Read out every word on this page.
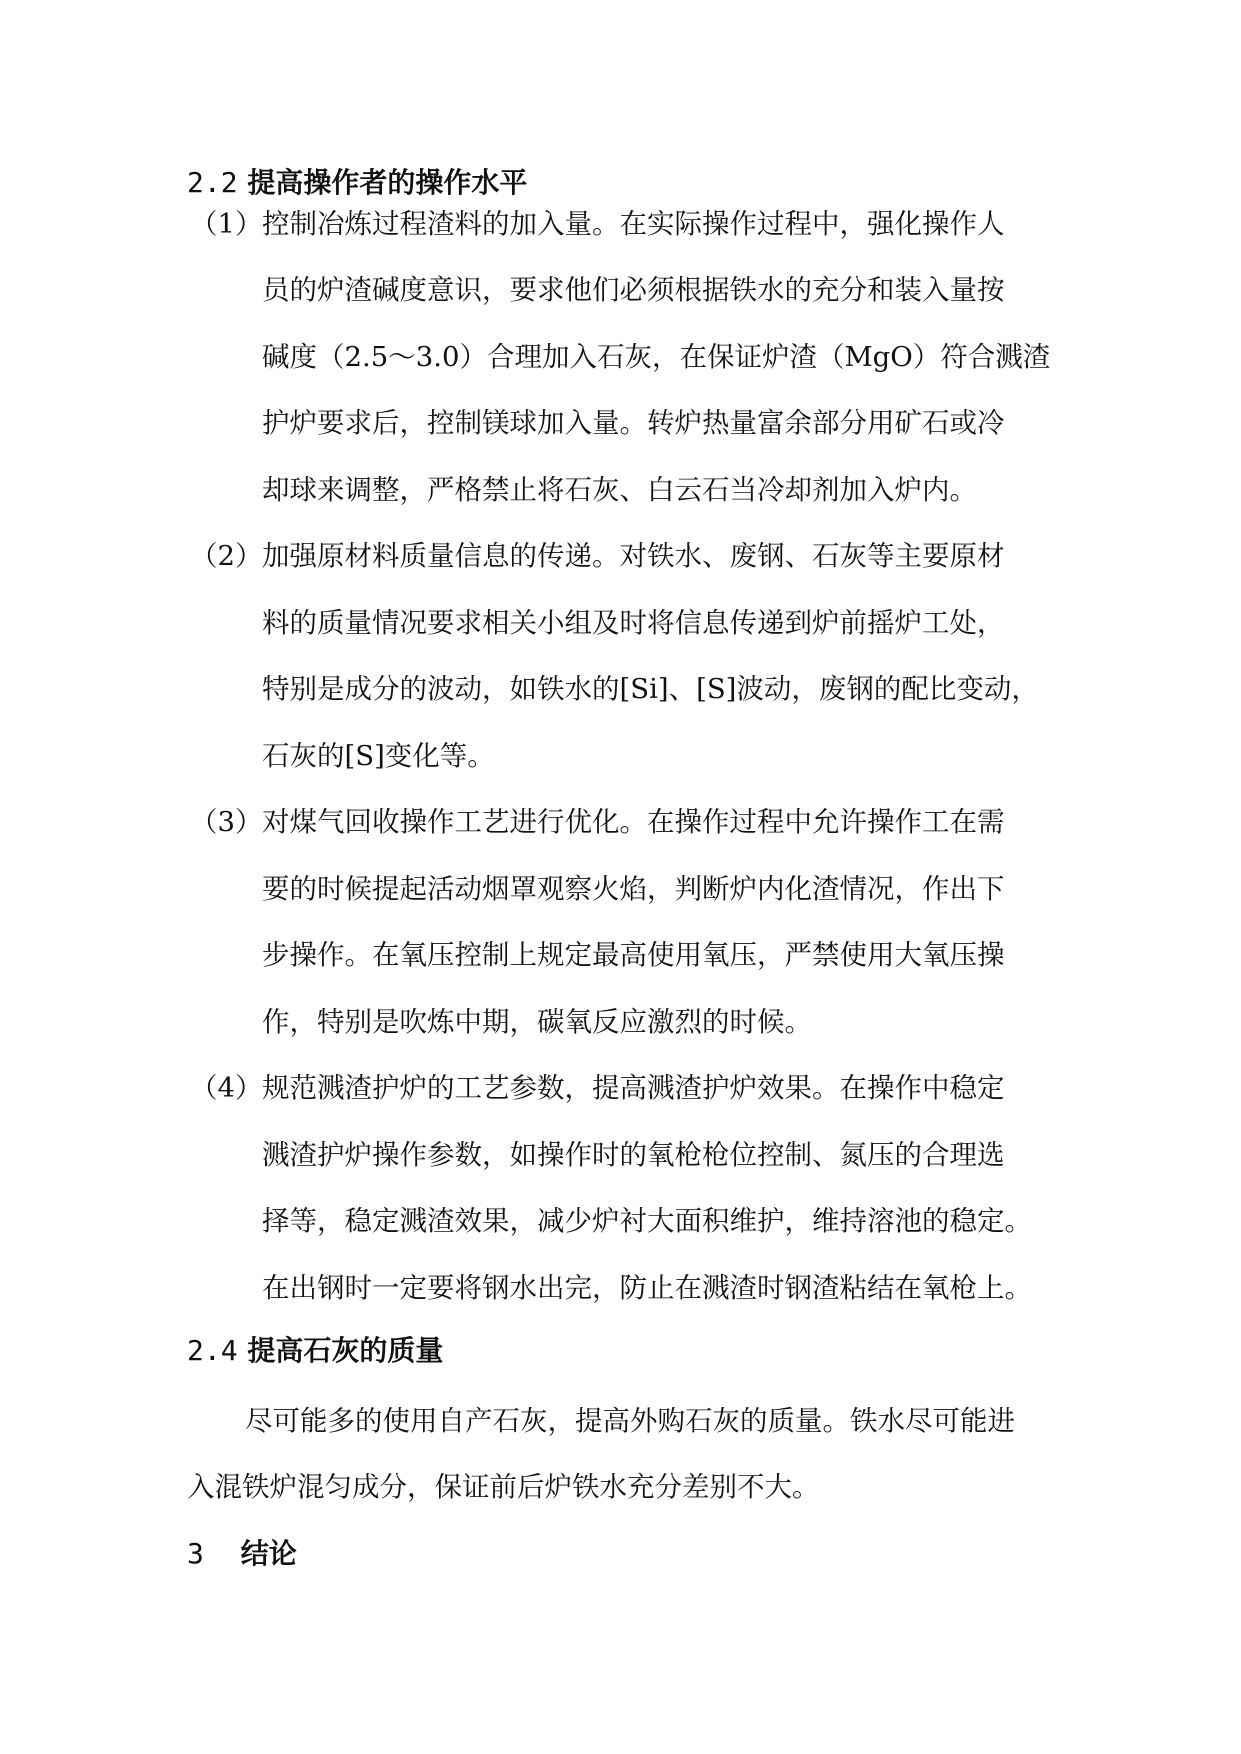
2.2 提高操作者的操作水平
（1） 控制冶炼过程渣料的加入量。在实际操作过程中，强化操作人
员的炉渣碱度意识，要求他们必须根据铁水的充分和装入量按
碱度（2.5～3.0）合理加入石灰，在保证炉渣（MgO）符合溅渣
护炉要求后，控制镁球加入量。转炉热量富余部分用矿石或冷
却球来调整，严格禁止将石灰、白云石当冷却剂加入炉内。
（2） 加强原材料质量信息的传递。对铁水、废钢、石灰等主要原材
料的质量情况要求相关小组及时将信息传递到炉前摇炉工处，
特别是成分的波动，如铁水的[Si]、[S]波动，废钢的配比变动，
石灰的[S]变化等。
（3） 对煤气回收操作工艺进行优化。在操作过程中允许操作工在需
要的时候提起活动烟罩观察火焰，判断炉内化渣情况，作出下
步操作。在氧压控制上规定最高使用氧压，严禁使用大氧压操
作，特别是吹炼中期，碳氧反应激烈的时候。
（4） 规范溅渣护炉的工艺参数，提高溅渣护炉效果。在操作中稳定
溅渣护炉操作参数，如操作时的氧枪枪位控制、氮压的合理选
择等，稳定溅渣效果，减少炉衬大面积维护，维持溶池的稳定。
在出钢时一定要将钢水出完，防止在溅渣时钢渣粘结在氧枪上。
2.4 提高石灰的质量
尽可能多的使用自产石灰，提高外购石灰的质量。铁水尽可能进
入混铁炉混匀成分，保证前后炉铁水充分差别不大。
3 结论
